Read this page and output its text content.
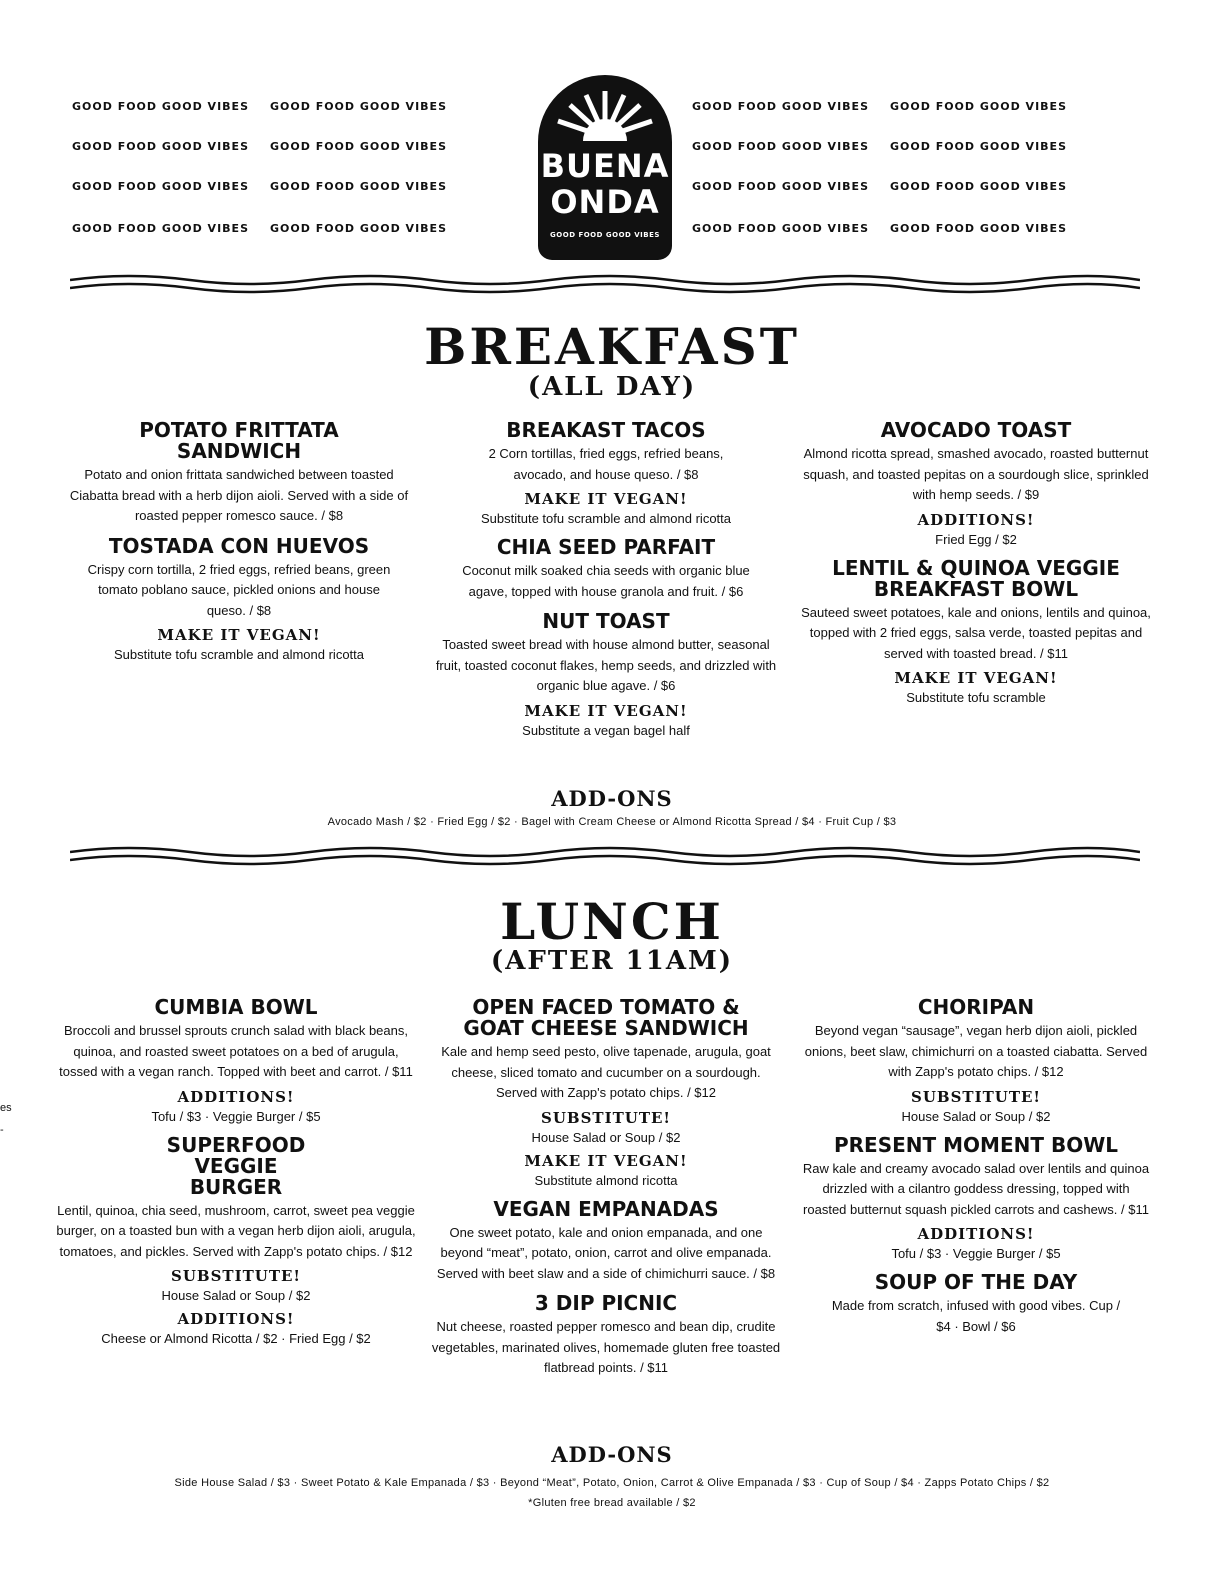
GOOD FOOD GOOD VIBES GOOD FOOD GOOD VIBES
GOOD FOOD GOOD VIBES GOOD FOOD GOOD VIBES
GOOD FOOD GOOD VIBES GOOD FOOD GOOD VIBES
GOOD FOOD GOOD VIBES GOOD FOOD GOOD VIBES
GOOD FOOD GOOD VIBES GOOD FOOD GOOD VIBES
GOOD FOOD GOOD VIBES GOOD FOOD GOOD VIBES
GOOD FOOD GOOD VIBES GOOD FOOD GOOD VIBES
GOOD FOOD GOOD VIBES GOOD FOOD GOOD VIBES
BUENA
ONDA
GOOD FOOD GOOD VIBES
BREAKFAST
(ALL DAY)
POTATO FRITTATA SANDWICH

Potato and onion frittata sandwiched between toasted Ciabatta bread with a herb dijon aioli. Served with a side of roasted pepper romesco sauce. / $8

TOSTADA CON HUEVOS

Crispy corn tortilla, 2 fried eggs, refried beans, green tomato poblano sauce, pickled onions and house queso. / $8

MAKE IT VEGAN!

Substitute tofu scramble and almond ricotta

BREAKAST TACOS

2 Corn tortillas, fried eggs, refried beans, avocado, and house queso. / $8

MAKE IT VEGAN!

Substitute tofu scramble and almond ricotta

CHIA SEED PARFAIT

Coconut milk soaked chia seeds with organic blue agave, topped with house granola and fruit. / $6

NUT TOAST

Toasted sweet bread with house almond butter, seasonal fruit, toasted coconut flakes, hemp seeds, and drizzled with organic blue agave. / $6

MAKE IT VEGAN!

Substitute a vegan bagel half

AVOCADO TOAST

Almond ricotta spread, smashed avocado, roasted butternut squash, and toasted pepitas on a sourdough slice, sprinkled with hemp seeds. / $9

ADDITIONS!

Fried Egg / $2

LENTIL & QUINOA VEGGIE BREAKFAST BOWL

Sauteed sweet potatoes, kale and onions, lentils and quinoa, topped with 2 fried eggs, salsa verde, toasted pepitas and served with toasted bread. / $11

MAKE IT VEGAN!

Substitute tofu scramble

ADD-ONS
Avocado Mash / $2 · Fried Egg / $2 · Bagel with Cream Cheese or Almond Ricotta Spread / $4 · Fruit Cup / $3
LUNCH
(AFTER 11AM)
CUMBIA BOWL

Broccoli and brussel sprouts crunch salad with black beans, quinoa, and roasted sweet potatoes on a bed of arugula, tossed with a vegan ranch. Topped with beet and carrot. / $11

ADDITIONS!

Tofu / $3 · Veggie Burger / $5

SUPERFOOD VEGGIE BURGER

Lentil, quinoa, chia seed, mushroom, carrot, sweet pea veggie burger, on a toasted bun with a vegan herb dijon aioli, arugula, tomatoes, and pickles. Served with Zapp's potato chips. / $12

SUBSTITUTE!

House Salad or Soup / $2

ADDITIONS!

Cheese or Almond Ricotta / $2 · Fried Egg / $2

OPEN FACED TOMATO & GOAT CHEESE SANDWICH

Kale and hemp seed pesto, olive tapenade, arugula, goat cheese, sliced tomato and cucumber on a sourdough. Served with Zapp's potato chips. / $12

SUBSTITUTE!

House Salad or Soup / $2

MAKE IT VEGAN!

Substitute almond ricotta

VEGAN EMPANADAS

One sweet potato, kale and onion empanada, and one beyond “meat”, potato, onion, carrot and olive empanada. Served with beet slaw and a side of chimichurri sauce. / $8

3 DIP PICNIC

Nut cheese, roasted pepper romesco and bean dip, crudite vegetables, marinated olives, homemade gluten free toasted flatbread points. / $11

CHORIPAN

Beyond vegan “sausage”, vegan herb dijon aioli, pickled onions, beet slaw, chimichurri on a toasted ciabatta. Served with Zapp's potato chips. / $12

SUBSTITUTE!

House Salad or Soup / $2

PRESENT MOMENT BOWL

Raw kale and creamy avocado salad over lentils and quinoa drizzled with a cilantro goddess dressing, topped with roasted butternut squash pickled carrots and cashews. / $11

ADDITIONS!

Tofu / $3 · Veggie Burger / $5

SOUP OF THE DAY

Made from scratch, infused with good vibes. Cup / $4 · Bowl / $6

ADD-ONS
Side House Salad / $3 · Sweet Potato & Kale Empanada / $3 · Beyond “Meat”, Potato, Onion, Carrot & Olive Empanada / $3 · Cup of Soup / $4 · Zapps Potato Chips / $2
*Gluten free bread available / $2
es
-
